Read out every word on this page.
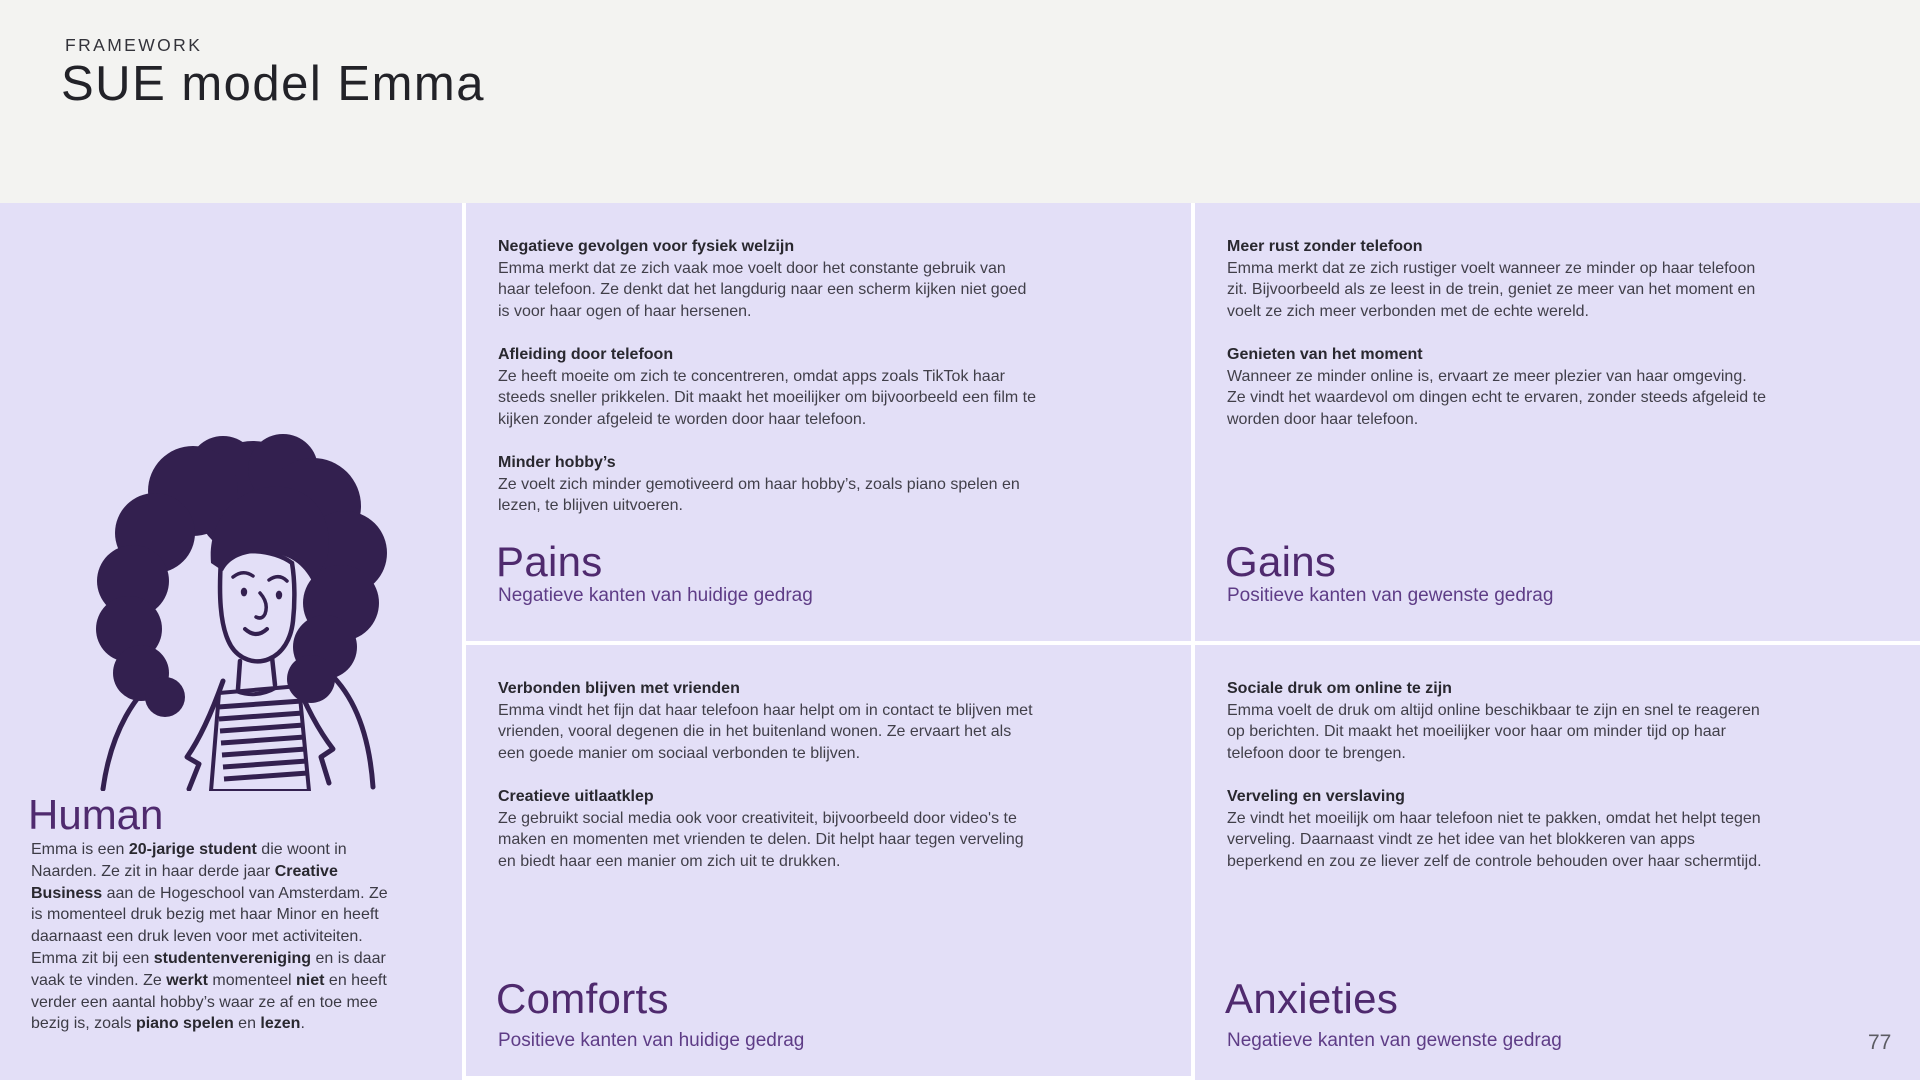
FRAMEWORK
SUE model Emma
Human

Emma is een 20-jarige student die woont in Naarden. Ze zit in haar derde jaar Creative Business aan de Hogeschool van Amsterdam. Ze is momenteel druk bezig met haar Minor en heeft daarnaast een druk leven voor met activiteiten. Emma zit bij een studentenvereniging en is daar vaak te vinden. Ze werkt momenteel niet en heeft verder een aantal hobby’s waar ze af en toe mee bezig is, zoals piano spelen en lezen.

Negatieve gevolgen voor fysiek welzijn
Emma merkt dat ze zich vaak moe voelt door het constante gebruik van haar telefoon. Ze denkt dat het langdurig naar een scherm kijken niet goed is voor haar ogen of haar hersenen.
Afleiding door telefoon
Ze heeft moeite om zich te concentreren, omdat apps zoals TikTok haar steeds sneller prikkelen. Dit maakt het moeilijker om bijvoorbeeld een film te kijken zonder afgeleid te worden door haar telefoon.
Minder hobby’s
Ze voelt zich minder gemotiveerd om haar hobby’s, zoals piano spelen en lezen, te blijven uitvoeren.
Pains
Negatieve kanten van huidige gedrag
Meer rust zonder telefoon
Emma merkt dat ze zich rustiger voelt wanneer ze minder op haar telefoon zit. Bijvoorbeeld als ze leest in de trein, geniet ze meer van het moment en voelt ze zich meer verbonden met de echte wereld.
Genieten van het moment
Wanneer ze minder online is, ervaart ze meer plezier van haar omgeving. Ze vindt het waardevol om dingen echt te ervaren, zonder steeds afgeleid te worden door haar telefoon.
Gains
Positieve kanten van gewenste gedrag
Verbonden blijven met vrienden
Emma vindt het fijn dat haar telefoon haar helpt om in contact te blijven met vrienden, vooral degenen die in het buitenland wonen. Ze ervaart het als een goede manier om sociaal verbonden te blijven.
Creatieve uitlaatklep
Ze gebruikt social media ook voor creativiteit, bijvoorbeeld door video's te maken en momenten met vrienden te delen. Dit helpt haar tegen verveling en biedt haar een manier om zich uit te drukken.
Comforts
Positieve kanten van huidige gedrag
Sociale druk om online te zijn
Emma voelt de druk om altijd online beschikbaar te zijn en snel te reageren op berichten. Dit maakt het moeilijker voor haar om minder tijd op haar telefoon door te brengen.
Verveling en verslaving
Ze vindt het moeilijk om haar telefoon niet te pakken, omdat het helpt tegen verveling. Daarnaast vindt ze het idee van het blokkeren van apps beperkend en zou ze liever zelf de controle behouden over haar schermtijd.
Anxieties
Negatieve kanten van gewenste gedrag	77
